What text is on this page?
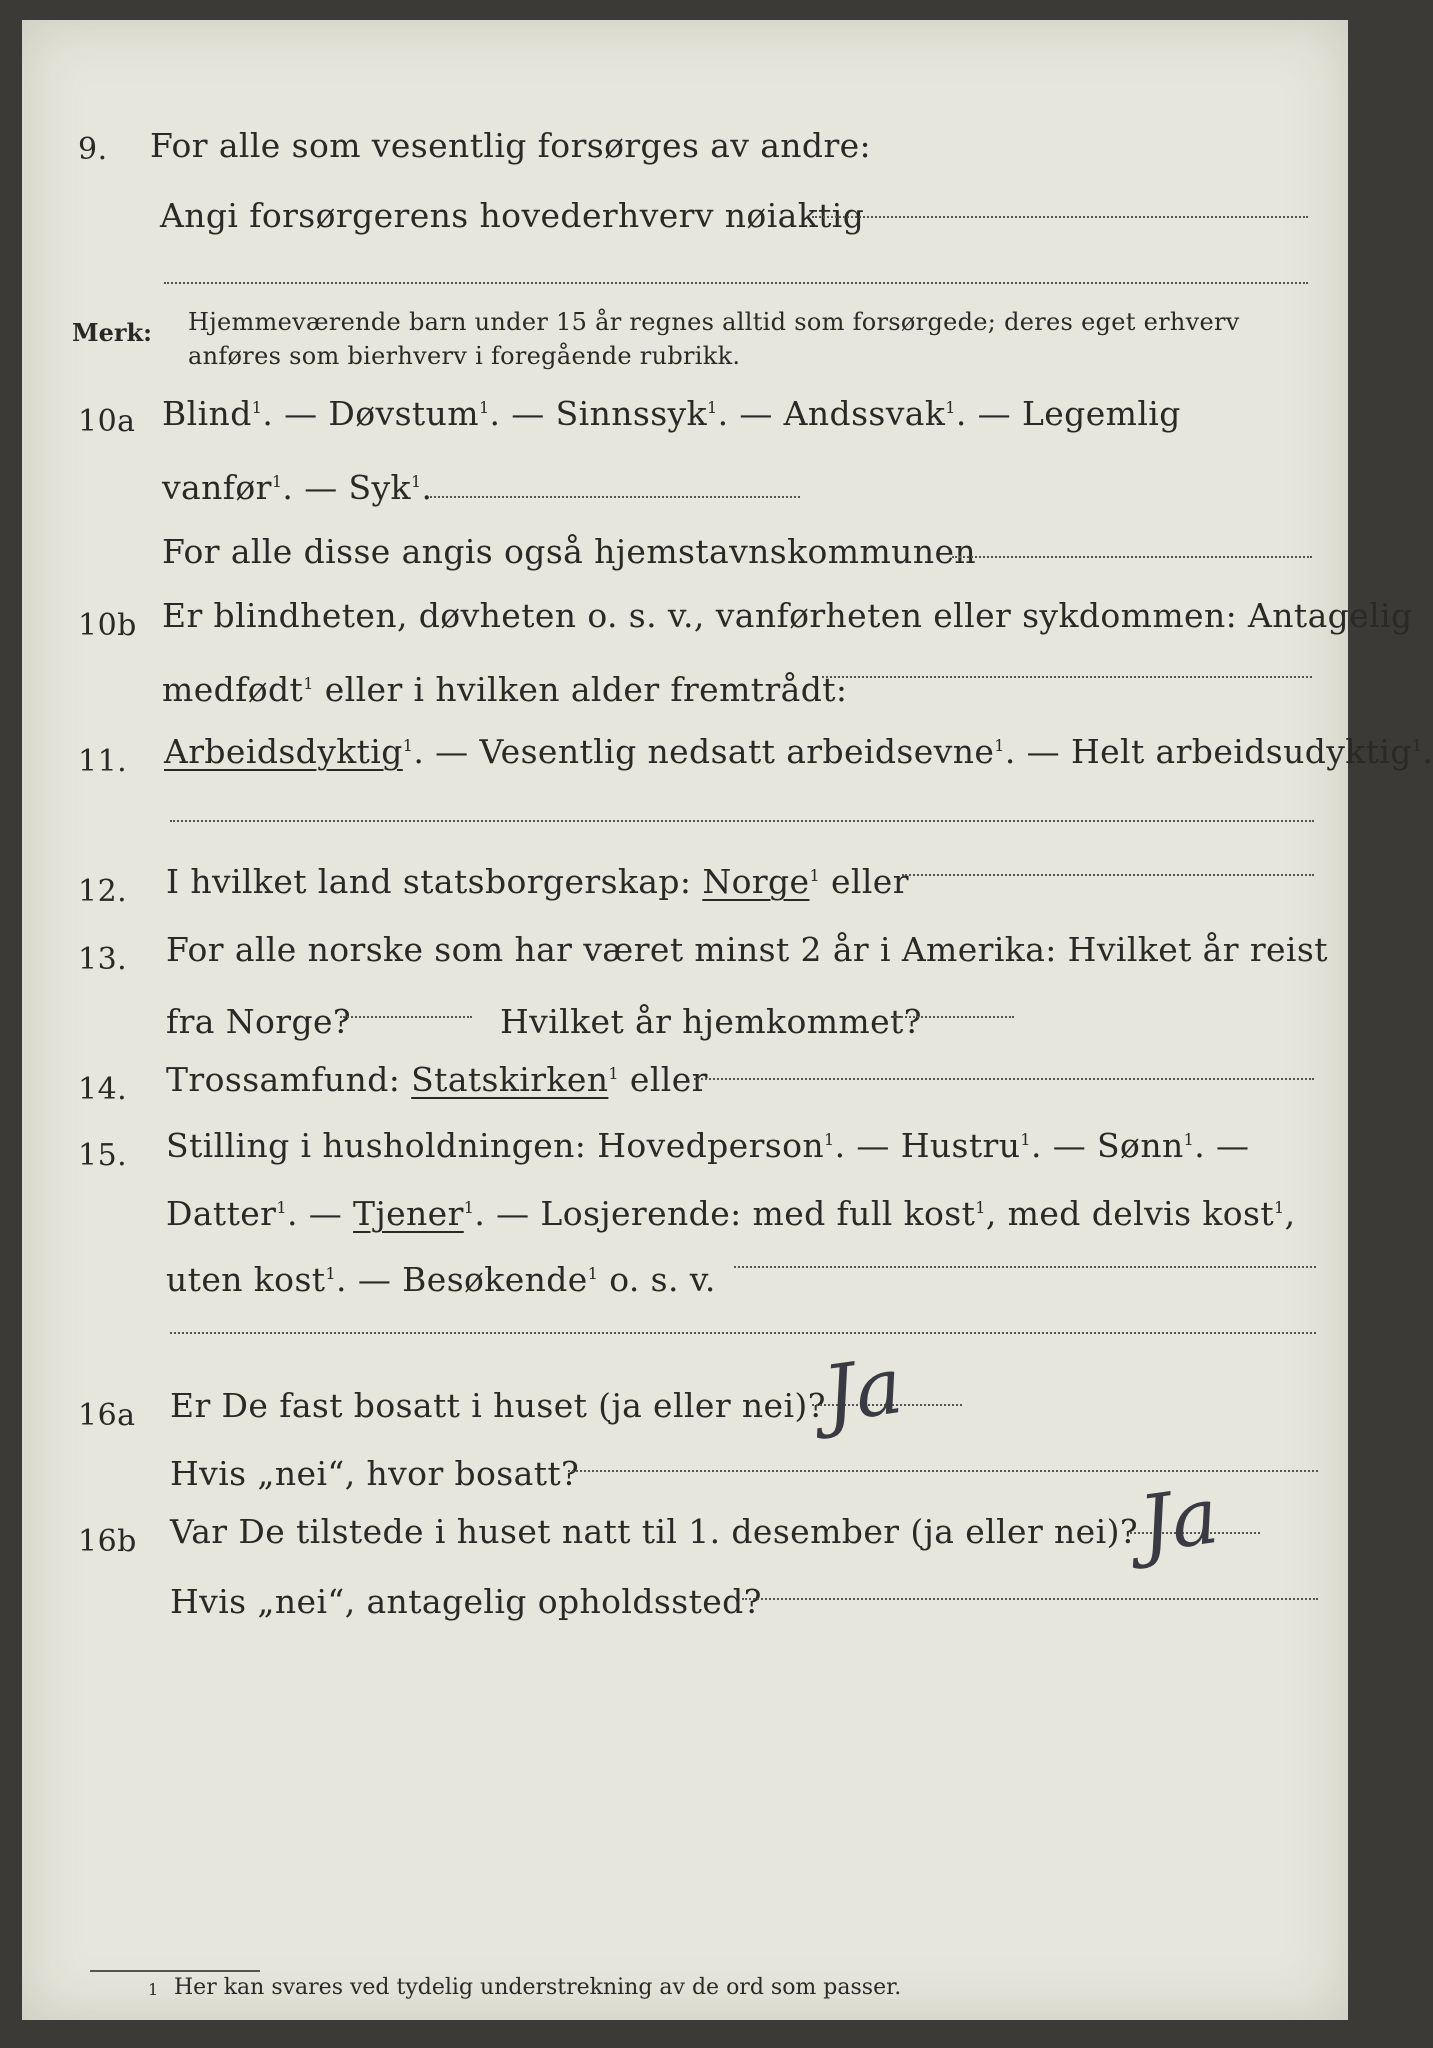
9. For alle som vesentlig forsørges av andre:
Angi forsørgerens hovederhverv nøiaktig
Merk: Hjemmeværende barn under 15 år regnes alltid som forsørgede; deres eget erhverv
anføres som bierhverv i foregående rubrikk.
10a Blind$^1$. — Døvstum$^1$. — Sinnssyk$^1$. — Andssvak$^1$. — Legemlig
vanfør$^1$. — Syk$^1$.
For alle disse angis også hjemstavnskommunen
10b Er blindheten, døvheten o. s. v., vanførheten eller sykdommen: Antagelig
medfødt$^1$ eller i hvilken alder fremtrådt:
11. Arbeidsdyktig$^1$. — Vesentlig nedsatt arbeidsevne$^1$. — Helt arbeidsudyktig$^1$.
12. I hvilket land statsborgerskap: Norge$^1$ eller
13. For alle norske som har været minst 2 år i Amerika: Hvilket år reist
fra Norge?	Hvilket år hjemkommet?
14. Trossamfund: Statskirken$^1$ eller
15. Stilling i husholdningen: Hovedperson$^1$. — Hustru$^1$. — Sønn$^1$. —
Datter$^1$. — Tjener$^1$. — Losjerende: med full kost$^1$, med delvis kost$^1$,
uten kost$^1$. — Besøkende$^1$ o. s. v.
16a Er De fast bosatt i huset (ja eller nei)?
Ja
Hvis „nei“, hvor bosatt?
16b Var De tilstede i huset natt til 1. desember (ja eller nei)?
Ja
Hvis „nei“, antagelig opholdssted?
1 Her kan svares ved tydelig understrekning av de ord som passer.
